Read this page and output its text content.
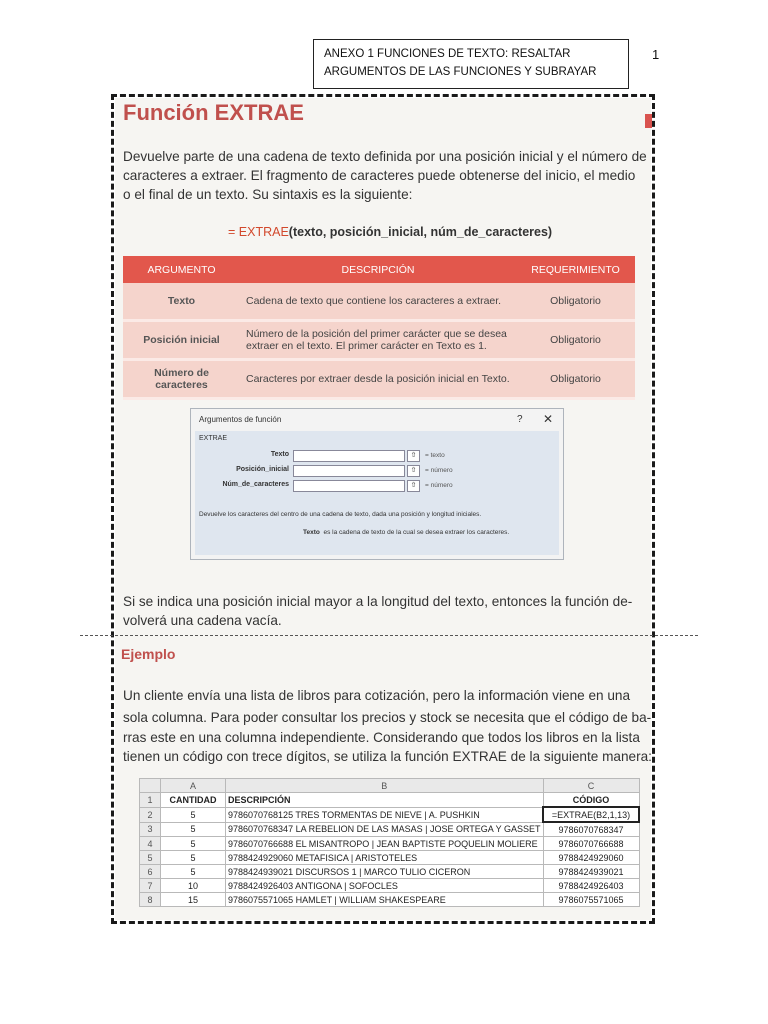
ANEXO 1 FUNCIONES DE TEXTO: RESALTAR
ARGUMENTOS DE LAS FUNCIONES Y SUBRAYAR
1
Función EXTRAE
Devuelve parte de una cadena de texto definida por una posición inicial y el número de
caracteres a extraer. El fragmento de caracteres puede obtenerse del inicio, el medio
o el final de un texto. Su sintaxis es la siguiente:
= EXTRAE(texto, posición_inicial, núm_de_caracteres)
ARGUMENTO	DESCRIPCIÓN	REQUERIMIENTO
Texto	Cadena de texto que contiene los caracteres a extraer.	Obligatorio
Posición inicial	Número de la posición del primer carácter que se desea extraer en el texto. El primer carácter en Texto es 1.	Obligatorio
Número de caracteres	Caracteres por extraer desde la posición inicial en Texto.	Obligatorio
Argumentos de función	? ✕
EXTRAE
Texto	⇧	= texto
Posición_inicial	⇧	= número
Núm_de_caracteres	⇧	= número
Devuelve los caracteres del centro de una cadena de texto, dada una posición y longitud iniciales.
Texto es la cadena de texto de la cual se desea extraer los caracteres.
Si se indica una posición inicial mayor a la longitud del texto, entonces la función de-
volverá una cadena vacía.
Ejemplo
Un cliente envía una lista de libros para cotización, pero la información viene en una
sola columna. Para poder consultar los precios y stock se necesita que el código de ba-
rras este en una columna independiente. Considerando que todos los libros en la lista
tienen un código con trece dígitos, se utiliza la función EXTRAE de la siguiente manera:
	A	B	C
1	CANTIDAD	DESCRIPCIÓN	CÓDIGO
2	5	9786070768125 TRES TORMENTAS DE NIEVE | A. PUSHKIN	=EXTRAE(B2,1,13)
3	5	9786070768347 LA REBELION DE LAS MASAS | JOSE ORTEGA Y GASSET	9786070768347
4	5	9786070766688 EL MISANTROPO | JEAN BAPTISTE POQUELIN MOLIERE	9786070766688
5	5	9788424929060 METAFISICA | ARISTOTELES	9788424929060
6	5	9788424939021 DISCURSOS 1 | MARCO TULIO CICERON	9788424939021
7	10	9788424926403 ANTIGONA | SOFOCLES	9788424926403
8	15	9786075571065 HAMLET | WILLIAM SHAKESPEARE	9786075571065
